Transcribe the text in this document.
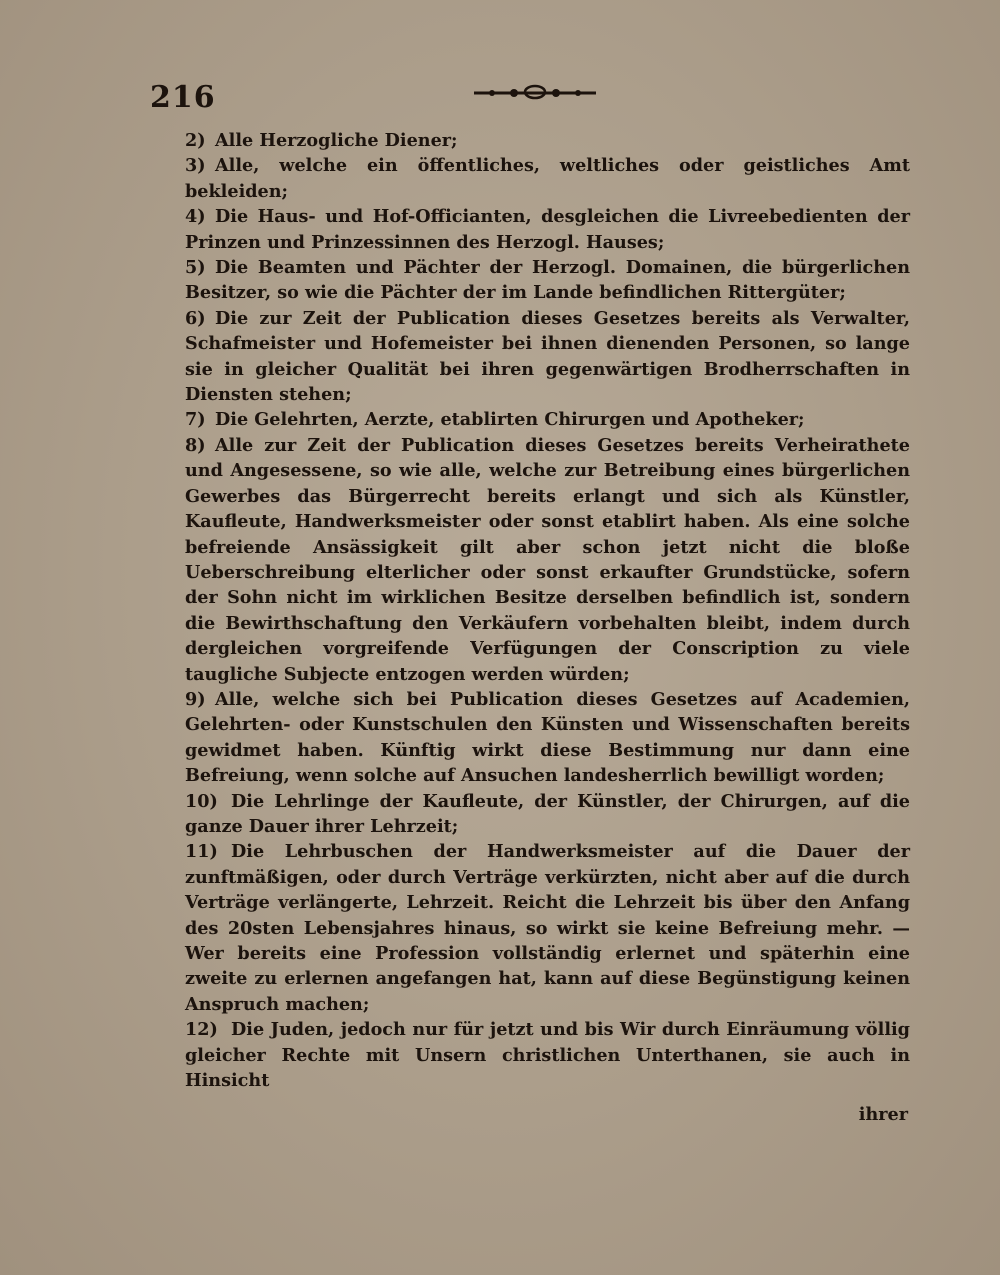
216

2) Alle Herzogliche Diener;

3) Alle, welche ein öffentliches, weltliches oder geistliches Amt bekleiden;

4) Die Haus- und Hof-Officianten, desgleichen die Livreebedienten der Prinzen und Prinzessinnen des Herzogl. Hauses;

5) Die Beamten und Pächter der Herzogl. Domainen, die bürgerlichen Besitzer, so wie die Pächter der im Lande befindlichen Rittergüter;

6) Die zur Zeit der Publication dieses Gesetzes bereits als Verwalter, Schafmeister und Hofemeister bei ihnen dienenden Personen, so lange sie in gleicher Qualität bei ihren gegenwärtigen Brodherrschaften in Diensten stehen;

7) Die Gelehrten, Aerzte, etablirten Chirurgen und Apotheker;

8) Alle zur Zeit der Publication dieses Gesetzes bereits Verheirathete und Angesessene, so wie alle, welche zur Betreibung eines bürgerlichen Gewerbes das Bürgerrecht bereits erlangt und sich als Künstler, Kaufleute, Handwerksmeister oder sonst etablirt haben. Als eine solche befreiende Ansässigkeit gilt aber schon jetzt nicht die bloße Ueberschreibung elterlicher oder sonst erkaufter Grundstücke, sofern der Sohn nicht im wirklichen Besitze derselben befindlich ist, sondern die Bewirthschaftung den Verkäufern vorbehalten bleibt, indem durch dergleichen vorgreifende Verfügungen der Conscription zu viele taugliche Subjecte entzogen werden würden;

9) Alle, welche sich bei Publication dieses Gesetzes auf Academien, Gelehrten- oder Kunstschulen den Künsten und Wissenschaften bereits gewidmet haben. Künftig wirkt diese Bestimmung nur dann eine Befreiung, wenn solche auf Ansuchen landesherrlich bewilligt worden;

10) Die Lehrlinge der Kaufleute, der Künstler, der Chirurgen, auf die ganze Dauer ihrer Lehrzeit;

11) Die Lehrbuschen der Handwerksmeister auf die Dauer der zunftmäßigen, oder durch Verträge verkürzten, nicht aber auf die durch Verträge verlängerte, Lehrzeit. Reicht die Lehrzeit bis über den Anfang des 20sten Lebensjahres hinaus, so wirkt sie keine Befreiung mehr. — Wer bereits eine Profession vollständig erlernet und späterhin eine zweite zu erlernen angefangen hat, kann auf diese Begünstigung keinen Anspruch machen;

12) Die Juden, jedoch nur für jetzt und bis Wir durch Einräumung völlig gleicher Rechte mit Unsern christlichen Unterthanen, sie auch in Hinsicht

ihrer
